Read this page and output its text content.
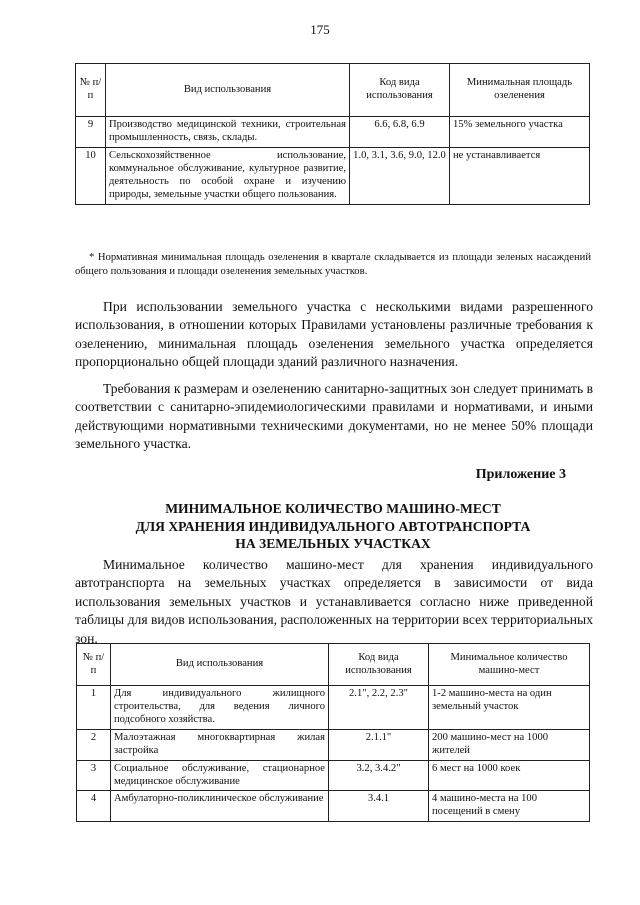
175
№ п/п	Вид использования	Код вида использования	Минимальная площадь озеленения
9	Производство медицинской техники, строительная промышленность, связь, склады.	6.6, 6.8, 6.9	15% земельного участка
10	Сельскохозяйственное использование, коммунальное обслуживание, культурное развитие, деятельность по особой охране и изучению природы, земельные участки общего пользования.	1.0, 3.1, 3.6, 9.0, 12.0	не устанавливается
* Нормативная минимальная площадь озеленения в квартале складывается из площади зеленых насаждений общего пользования и площади озеленения земельных участков.

При использовании земельного участка с несколькими видами разрешенного использования, в отношении которых Правилами установлены различные требования к озеленению, минимальная площадь озеленения земельного участка определяется пропорционально общей площади зданий различного назначения.

Требования к размерам и озеленению санитарно-защитных зон следует принимать в соответствии с санитарно-эпидемиологическими правилами и нормативами, и иными действующими нормативными техническими документами, но не менее 50% площади земельного участка.

Приложение 3
МИНИМАЛЬНОЕ КОЛИЧЕСТВО МАШИНО-МЕСТ
ДЛЯ ХРАНЕНИЯ ИНДИВИДУАЛЬНОГО АВТОТРАНСПОРТА
НА ЗЕМЕЛЬНЫХ УЧАСТКАХ

Минимальное количество машино-мест для хранения индивидуального автотранспорта на земельных участках определяется в зависимости от вида использования земельных участков и устанавливается согласно ниже приведенной таблицы для видов использования, расположенных на территории всех территориальных зон.

№ п/п	Вид использования	Код вида использования	Минимальное количество машино-мест
1	Для индивидуального жилищного строительства, для ведения личного подсобного хозяйства.	2.1", 2.2, 2.3"	1-2 машино-места на один земельный участок
2	Малоэтажная многоквартирная жилая застройка	2.1.1"	200 машино-мест на 1000 жителей
3	Социальное обслуживание, стационарное медицинское обслуживание	3.2, 3.4.2"	6 мест на 1000 коек
4	Амбулаторно-поликлиническое обслуживание	3.4.1	4 машино-места на 100 посещений в смену
